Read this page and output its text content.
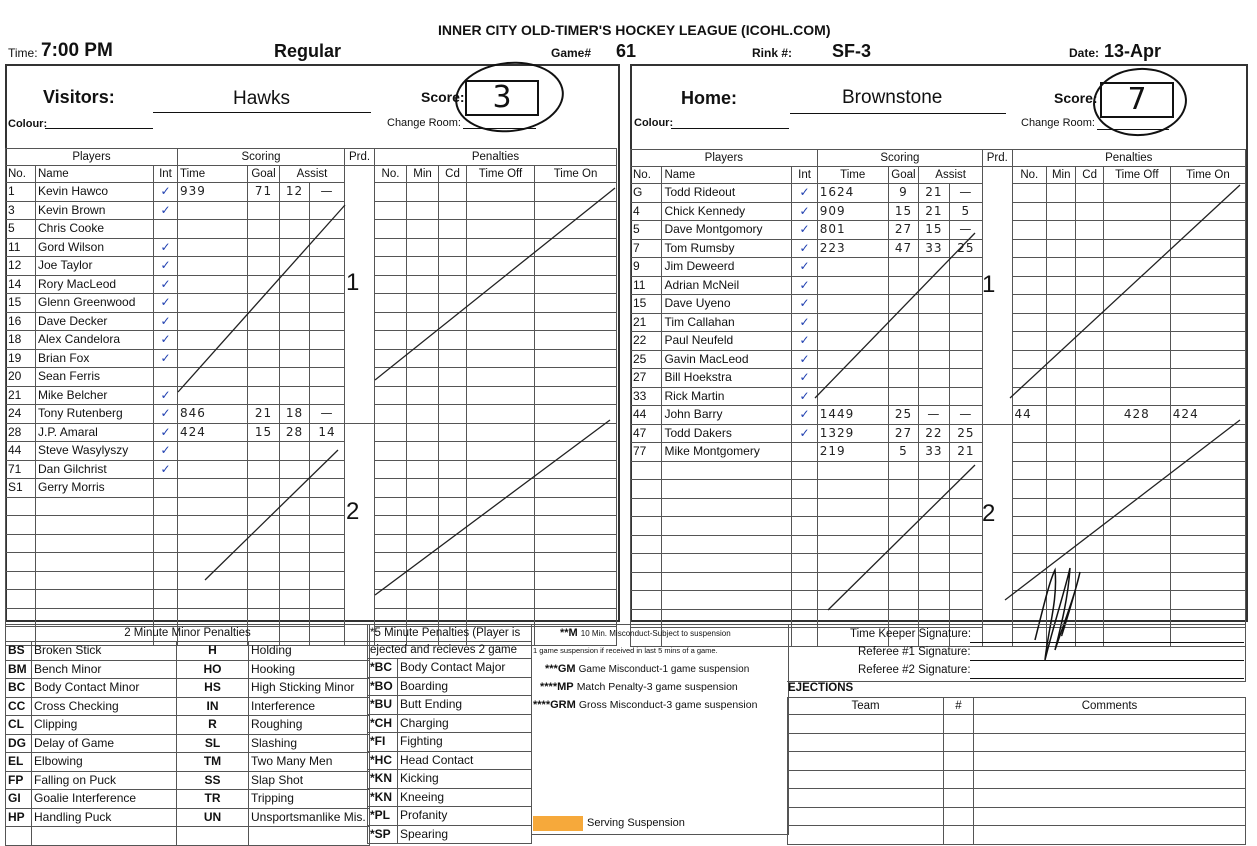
INNER CITY OLD-TIMER'S HOCKEY LEAGUE (ICOHL.COM)
Time: 7:00 PM	Regular	Game# 61	Rink #: SF-3	Date: 13-Apr
Visitors:	Hawks	Score: 3
Colour:	Change Room:
Players			Scoring				Prd.	Penalties				
No.	Name	Int	Time	Goal	Assist			No.	Min	Cd	Time Off	Time On
1	Kevin Hawco	✓	939	71	12	—						
3	Kevin Brown	✓										
5	Chris Cooke											
11	Gord Wilson	✓										
12	Joe Taylor	✓										
14	Rory MacLeod	✓										
15	Glenn Greenwood	✓										
16	Dave Decker	✓										
18	Alex Candelora	✓										
19	Brian Fox	✓										
20	Sean Ferris											
21	Mike Belcher	✓										
24	Tony Rutenberg	✓	846	21	18	—						
28	J.P. Amaral	✓	424	15	28	14						
44	Steve Wasylyszy	✓										
71	Dan Gilchrist	✓										
S1	Gerry Morris											

1
2
Home:	Brownstone	Score: 7
Colour:	Change Room:
Players			Scoring				Prd.	Penalties				
No.	Name	Int	Time	Goal	Assist			No.	Min	Cd	Time Off	Time On
G	Todd Rideout	✓	1624	9	21	—						
4	Chick Kennedy	✓	909	15	21	5						
5	Dave Montgomory	✓	801	27	15	—						
7	Tom Rumsby	✓	223	47	33	25						
9	Jim Deweerd	✓										
11	Adrian McNeil	✓										
15	Dave Uyeno	✓										
21	Tim Callahan	✓										
22	Paul Neufeld	✓										
25	Gavin MacLeod	✓										
27	Bill Hoekstra	✓										
33	Rick Martin	✓										
44	John Barry	✓	1449	25	—	—		44			428	424
47	Todd Dakers	✓	1329	27	22	25						
77	Mike Montgomery		219	5	33	21						

1
2
2 Minute Minor Penalties			
BS	Broken Stick	H	Holding
BM	Bench Minor	HO	Hooking
BC	Body Contact Minor	HS	High Sticking Minor
CC	Cross Checking	IN	Interference
CL	Clipping	R	Roughing
DG	Delay of Game	SL	Slashing
EL	Elbowing	TM	Two Many Men
FP	Falling on Puck	SS	Slap Shot
GI	Goalie Interference	TR	Tripping
HP	Handling Puck	UN	Unsportsmanlike Mis.

*5 Minute Penalties (Player is	
ejected and recieves 2 game	
*BC	Body Contact Major
*BO	Boarding
*BU	Butt Ending
*CH	Charging
*FI	Fighting
*HC	Head Contact
*KN	Kicking
*KN	Kneeing
*PL	Profanity
*SP	Spearing
**M 10 Min. Misconduct-Subject to suspension
1 game suspension if received in last 5 mins of a game.
***GM Game Misconduct-1 game suspension
****MP Match Penalty-3 game suspension
****GRM Gross Misconduct-3 game suspension
Serving Suspension
Time Keeper Signature:
Referee #1 Signature:
Referee #2 Signature:
EJECTIONS
Team	#	Comments
